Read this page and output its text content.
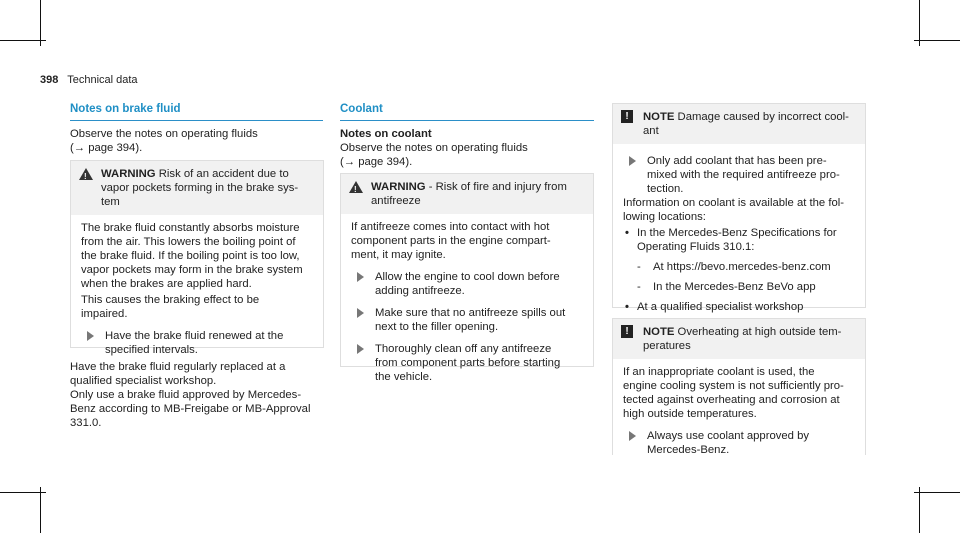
398 Technical data
Notes on brake fluid

Observe the notes on operating fluids

(→ page 394).

!
WARNING Risk of an accident due to
vapor pockets forming in the brake sys-
tem

The brake fluid constantly absorbs moisture

from the air. This lowers the boiling point of

the brake fluid. If the boiling point is too low,

vapor pockets may form in the brake system

when the brakes are applied hard.

This causes the braking effect to be

impaired.

Have the brake fluid renewed at the
specified intervals.

Have the brake fluid regularly replaced at a

qualified specialist workshop.

Only use a brake fluid approved by Mercedes-

Benz according to MB-Freigabe or MB-Approval

331.0.

Coolant

Notes on coolant

Observe the notes on operating fluids

(→ page 394).

!
WARNING - Risk of fire and injury from
antifreeze

If antifreeze comes into contact with hot

component parts in the engine compart-

ment, it may ignite.

Allow the engine to cool down before
adding antifreeze.
Make sure that no antifreeze spills out
next to the filler opening.
Thoroughly clean off any antifreeze
from component parts before starting
the vehicle.
!	NOTE Damage caused by incorrect cool-
ant
Only add coolant that has been pre-
mixed with the required antifreeze pro-
tection.

Information on coolant is available at the fol-

lowing locations:

• In the Mercedes-Benz Specifications for
Operating Fluids 310.1:
- At https://bevo.mercedes-benz.com
- In the Mercedes-Benz BeVo app
• At a qualified specialist workshop
!	NOTE Overheating at high outside tem-
peratures

If an inappropriate coolant is used, the

engine cooling system is not sufficiently pro-

tected against overheating and corrosion at

high outside temperatures.

Always use coolant approved by
Mercedes-Benz.
